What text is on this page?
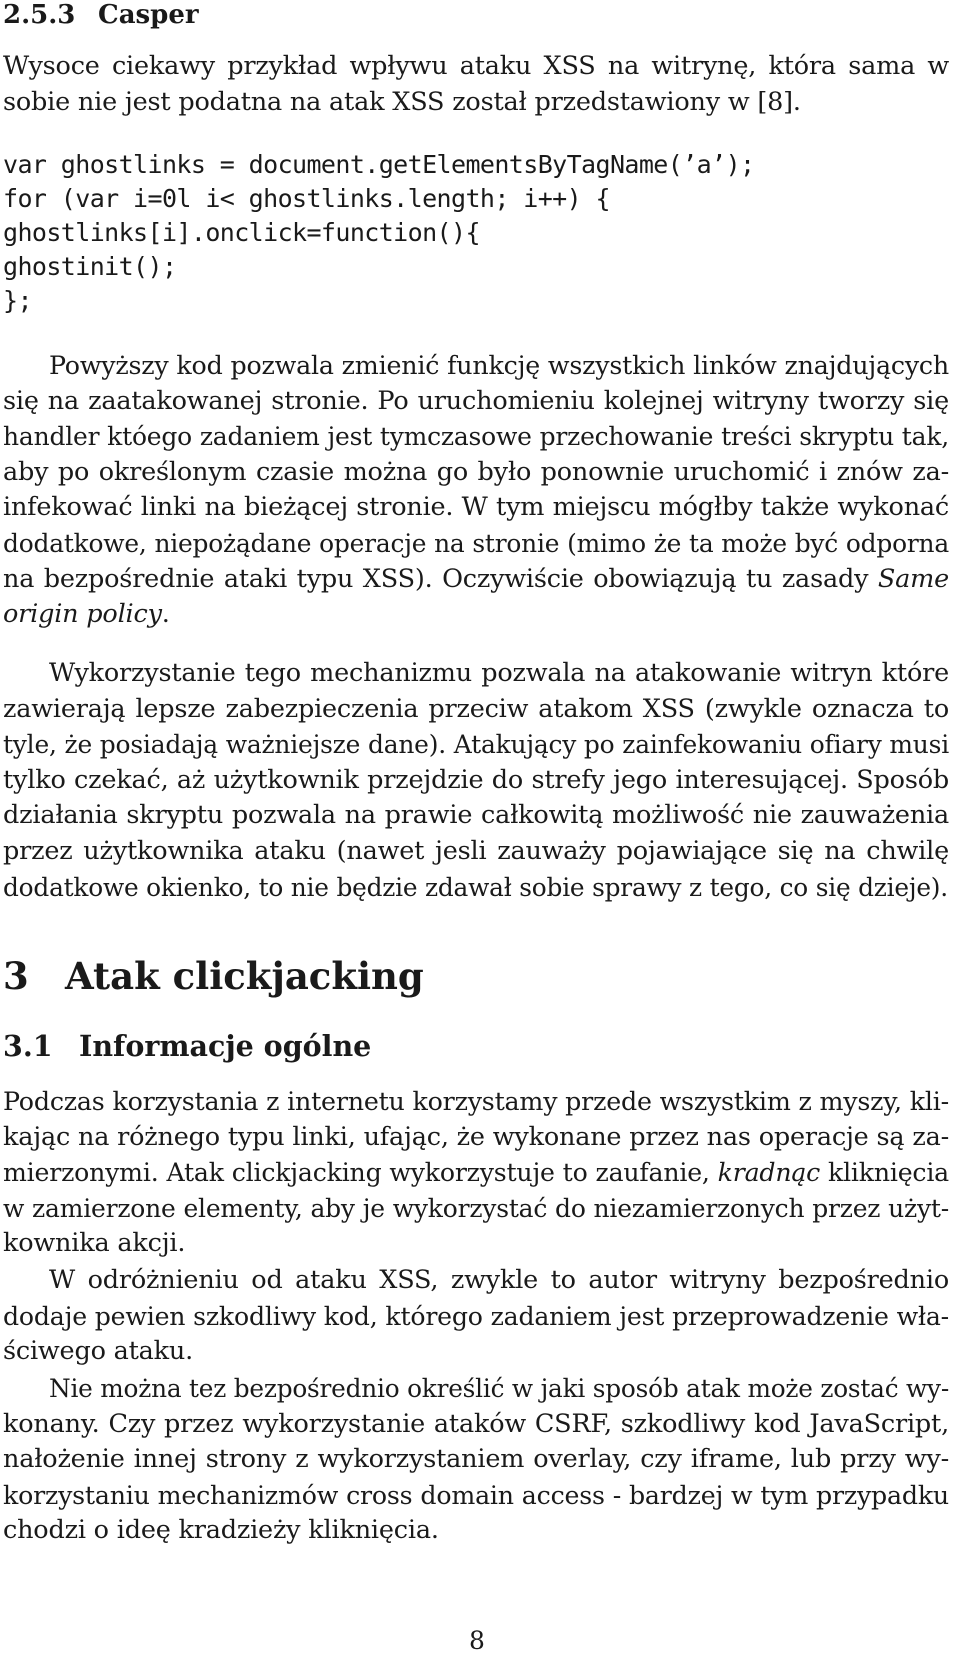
2.5.3 Casper
Wysoce ciekawy przykład wpływu ataku XSS na witrynę, która sama w
sobie nie jest podatna na atak XSS został przedstawiony w [8].
var ghostlinks = document.getElementsByTagName(’a’);
for (var i=0l i< ghostlinks.length; i++) {
ghostlinks[i].onclick=function(){
ghostinit();
};
Powyższy kod pozwala zmienić funkcję wszystkich linków znajdujących
się na zaatakowanej stronie. Po uruchomieniu kolejnej witryny tworzy się
handler któego zadaniem jest tymczasowe przechowanie treści skryptu tak,
aby po określonym czasie można go było ponownie uruchomić i znów za-
infekować linki na bieżącej stronie. W tym miejscu mógłby także wykonać
dodatkowe, niepożądane operacje na stronie (mimo że ta może być odporna
na bezpośrednie ataki typu XSS). Oczywiście obowiązują tu zasady Same
origin policy.
Wykorzystanie tego mechanizmu pozwala na atakowanie witryn które
zawierają lepsze zabezpieczenia przeciw atakom XSS (zwykle oznacza to
tyle, że posiadają ważniejsze dane). Atakujący po zainfekowaniu ofiary musi
tylko czekać, aż użytkownik przejdzie do strefy jego interesującej. Sposób
działania skryptu pozwala na prawie całkowitą możliwość nie zauważenia
przez użytkownika ataku (nawet jesli zauważy pojawiające się na chwilę
dodatkowe okienko, to nie będzie zdawał sobie sprawy z tego, co się dzieje).
3 Atak clickjacking
3.1 Informacje ogólne
Podczas korzystania z internetu korzystamy przede wszystkim z myszy, kli-
kając na różnego typu linki, ufając, że wykonane przez nas operacje są za-
mierzonymi. Atak clickjacking wykorzystuje to zaufanie, kradnąc kliknięcia
w zamierzone elementy, aby je wykorzystać do niezamierzonych przez użyt-
kownika akcji.
W odróżnieniu od ataku XSS, zwykle to autor witryny bezpośrednio
dodaje pewien szkodliwy kod, którego zadaniem jest przeprowadzenie wła-
ściwego ataku.
Nie można tez bezpośrednio określić w jaki sposób atak może zostać wy-
konany. Czy przez wykorzystanie ataków CSRF, szkodliwy kod JavaScript,
nałożenie innej strony z wykorzystaniem overlay, czy iframe, lub przy wy-
korzystaniu mechanizmów cross domain access - bardzej w tym przypadku
chodzi o ideę kradzieży kliknięcia.
8
